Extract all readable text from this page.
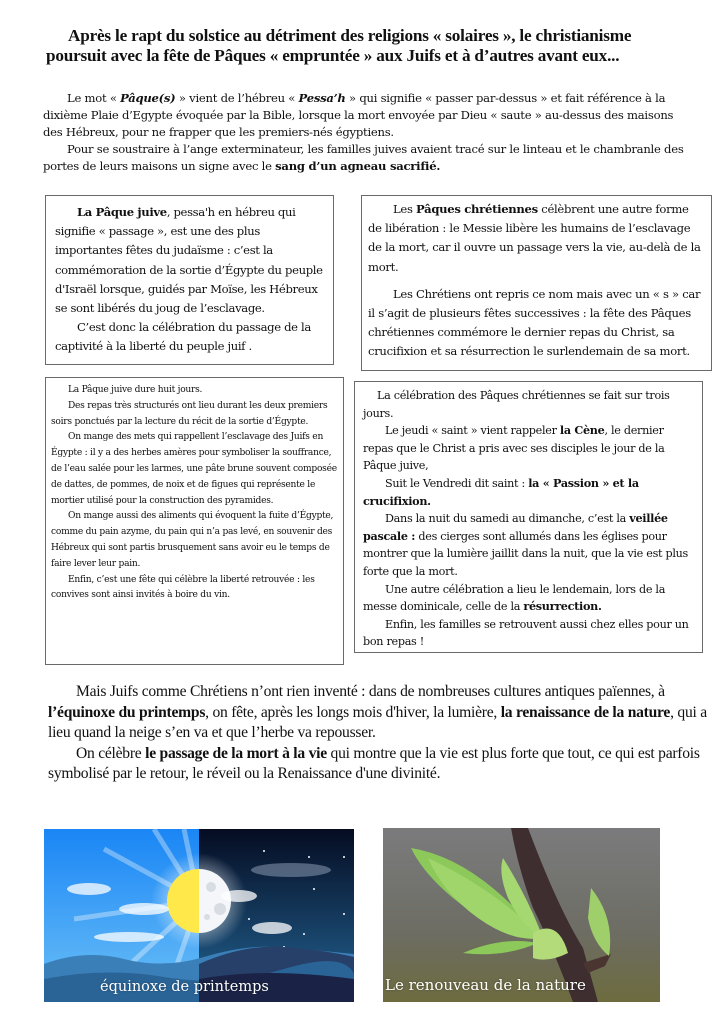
Après le rapt du solstice au détriment des religions « solaires », le christianisme
poursuit avec la fête de Pâques « empruntée » aux Juifs et à d’autres avant eux...

Le mot « Pâque(s) » vient de l’hébreu « Pessa’h » qui signifie « passer par-dessus » et fait référence à la dixième Plaie d’Egypte évoquée par la Bible, lorsque la mort envoyée par Dieu « saute » au-dessus des maisons des Hébreux, pour ne frapper que les premiers-nés égyptiens.

Pour se soustraire à l’ange exterminateur, les familles juives avaient tracé sur le linteau et le chambranle des portes de leurs maisons un signe avec le sang d’un agneau sacrifié.

La Pâque juive, pessa'h en hébreu qui signifie « passage », est une des plus importantes fêtes du judaïsme : c’est la commémoration de la sortie d’Égypte du peuple d'Israël lorsque, guidés par Moïse, les Hébreux se sont libérés du joug de l’esclavage.

C’est donc la célébration du passage de la captivité à la liberté du peuple juif .

Les Pâques chrétiennes célèbrent une autre forme de libération : le Messie libère les humains de l’esclavage de la mort, car il ouvre un passage vers la vie, au-delà de la mort.

Les Chrétiens ont repris ce nom mais avec un « s » car il s’agit de plusieurs fêtes successives : la fête des Pâques chrétiennes commémore le dernier repas du Christ, sa crucifixion et sa résurrection le surlendemain de sa mort.

La Pâque juive dure huit jours.

Des repas très structurés ont lieu durant les deux premiers soirs ponctués par la lecture du récit de la sortie d’Égypte.

On mange des mets qui rappellent l’esclavage des Juifs en Égypte : il y a des herbes amères pour symboliser la souffrance, de l’eau salée pour les larmes, une pâte brune souvent composée de dattes, de pommes, de noix et de figues qui représente le mortier utilisé pour la construction des pyramides.

On mange aussi des aliments qui évoquent la fuite d’Égypte, comme du pain azyme, du pain qui n’a pas levé, en souvenir des Hébreux qui sont partis brusquement sans avoir eu le temps de faire lever leur pain.

Enfin, c’est une fête qui célèbre la liberté retrouvée : les convives sont ainsi invités à boire du vin.

La célébration des Pâques chrétiennes se fait sur trois jours.

Le jeudi « saint » vient rappeler la Cène, le dernier repas que le Christ a pris avec ses disciples le jour de la Pâque juive,

Suit le Vendredi dit saint : la « Passion » et la crucifixion.

Dans la nuit du samedi au dimanche, c’est la veillée pascale : des cierges sont allumés dans les églises pour montrer que la lumière jaillit dans la nuit, que la vie est plus forte que la mort.

Une autre célébration a lieu le lendemain, lors de la messe dominicale, celle de la résurrection.

Enfin, les familles se retrouvent aussi chez elles pour un bon repas !

Mais Juifs comme Chrétiens n’ont rien inventé : dans de nombreuses cultures antiques païennes, à l’équinoxe du printemps, on fête, après les longs mois d'hiver, la lumière, la renaissance de la nature, qui a lieu quand la neige s’en va et que l’herbe va repousser.

On célèbre le passage de la mort à la vie qui montre que la vie est plus forte que tout, ce qui est parfois symbolisé par le retour, le réveil ou la Renaissance d'une divinité.

équinoxe de printemps	Le renouveau de la nature
